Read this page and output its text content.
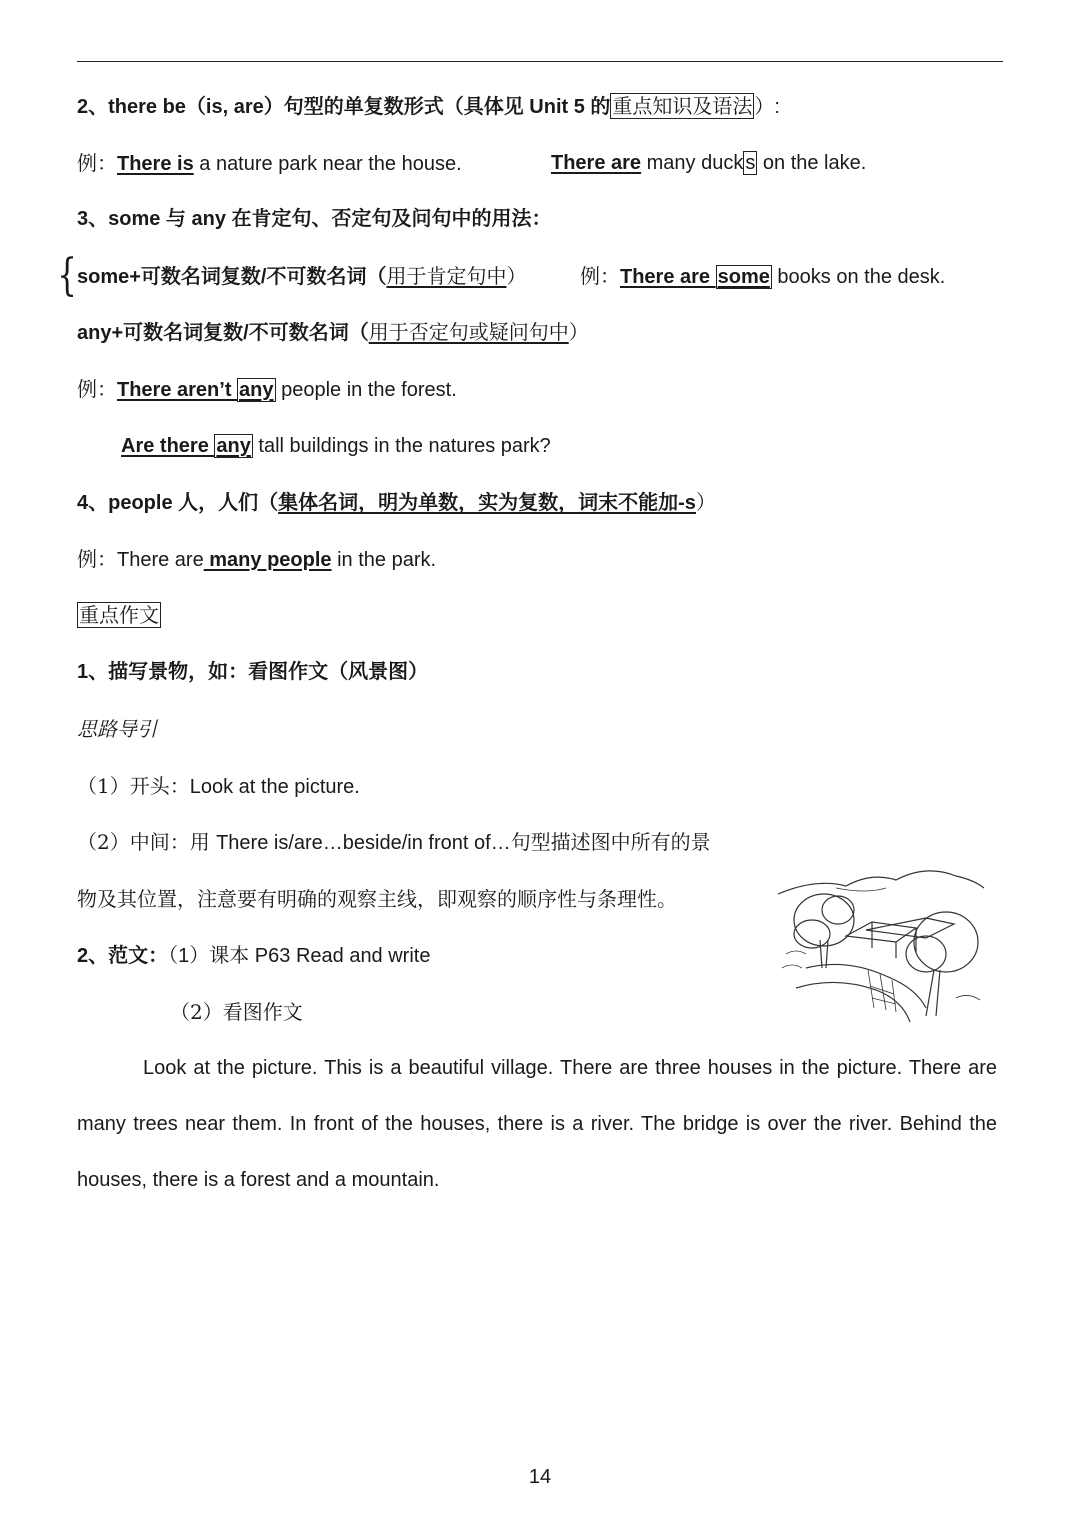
2、there be（is, are）句型的单复数形式（具体见 Unit 5 的 重点知识及语法 ）:
例：There is a nature park near the house.	There are many duck s on the lake.
3、some 与 any 在肯定句、否定句及问句中的用法：
{ some+可数名词复数/不可数名词（用于肯定句中）	例：There are some books on the desk.
any+可数名词复数/不可数名词（用于否定句或疑问句中）
例：There aren’t any people in the forest.
Are there any tall buildings in the natures park?
4、people 人，人们（集体名词，明为单数，实为复数，词末不能加-s）
例：There are many people in the park.
重点作文
1、描写景物，如：看图作文（风景图）
思路导引
（1）开头：Look at the picture.
（2）中间：用 There is/are…beside/in front of…句型描述图中所有的景
物及其位置，注意要有明确的观察主线，即观察的顺序性与条理性。
2、范文：（1）课本 P63 Read and write
（2）看图作文
Look at the picture. This is a beautiful village. There are three houses in the picture. There are many trees near them. In front of the houses, there is a river. The bridge is over the river. Behind the houses, there is a forest and a mountain.
14
